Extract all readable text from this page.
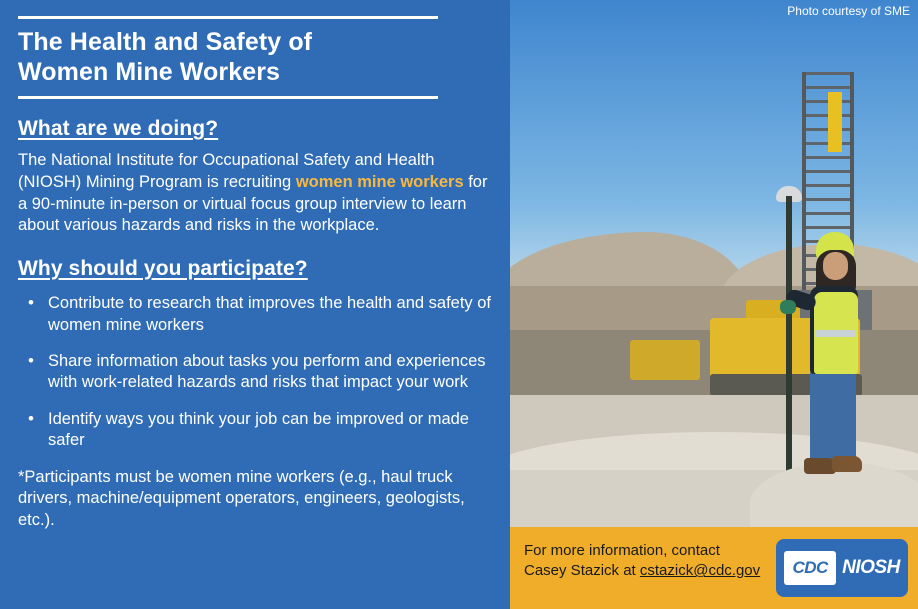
The Health and Safety of
Women Mine Workers
What are we doing?

The National Institute for Occupational Safety and Health (NIOSH) Mining Program is recruiting women mine workers for a 90-minute in-person or virtual focus group interview to learn about various hazards and risks in the workplace.

Why should you participate?
• Contribute to research that improves the health and safety of women mine workers
• Share information about tasks you perform and experiences with work-related hazards and risks that impact your work
• Identify ways you think your job can be improved or made safer

*Participants must be women mine workers (e.g., haul truck drivers, machine/equipment operators, engineers, geologists, etc.).

Photo courtesy of SME
For more information, contact
Casey Stazick at cstazick@cdc.gov	CDC NIOSH
